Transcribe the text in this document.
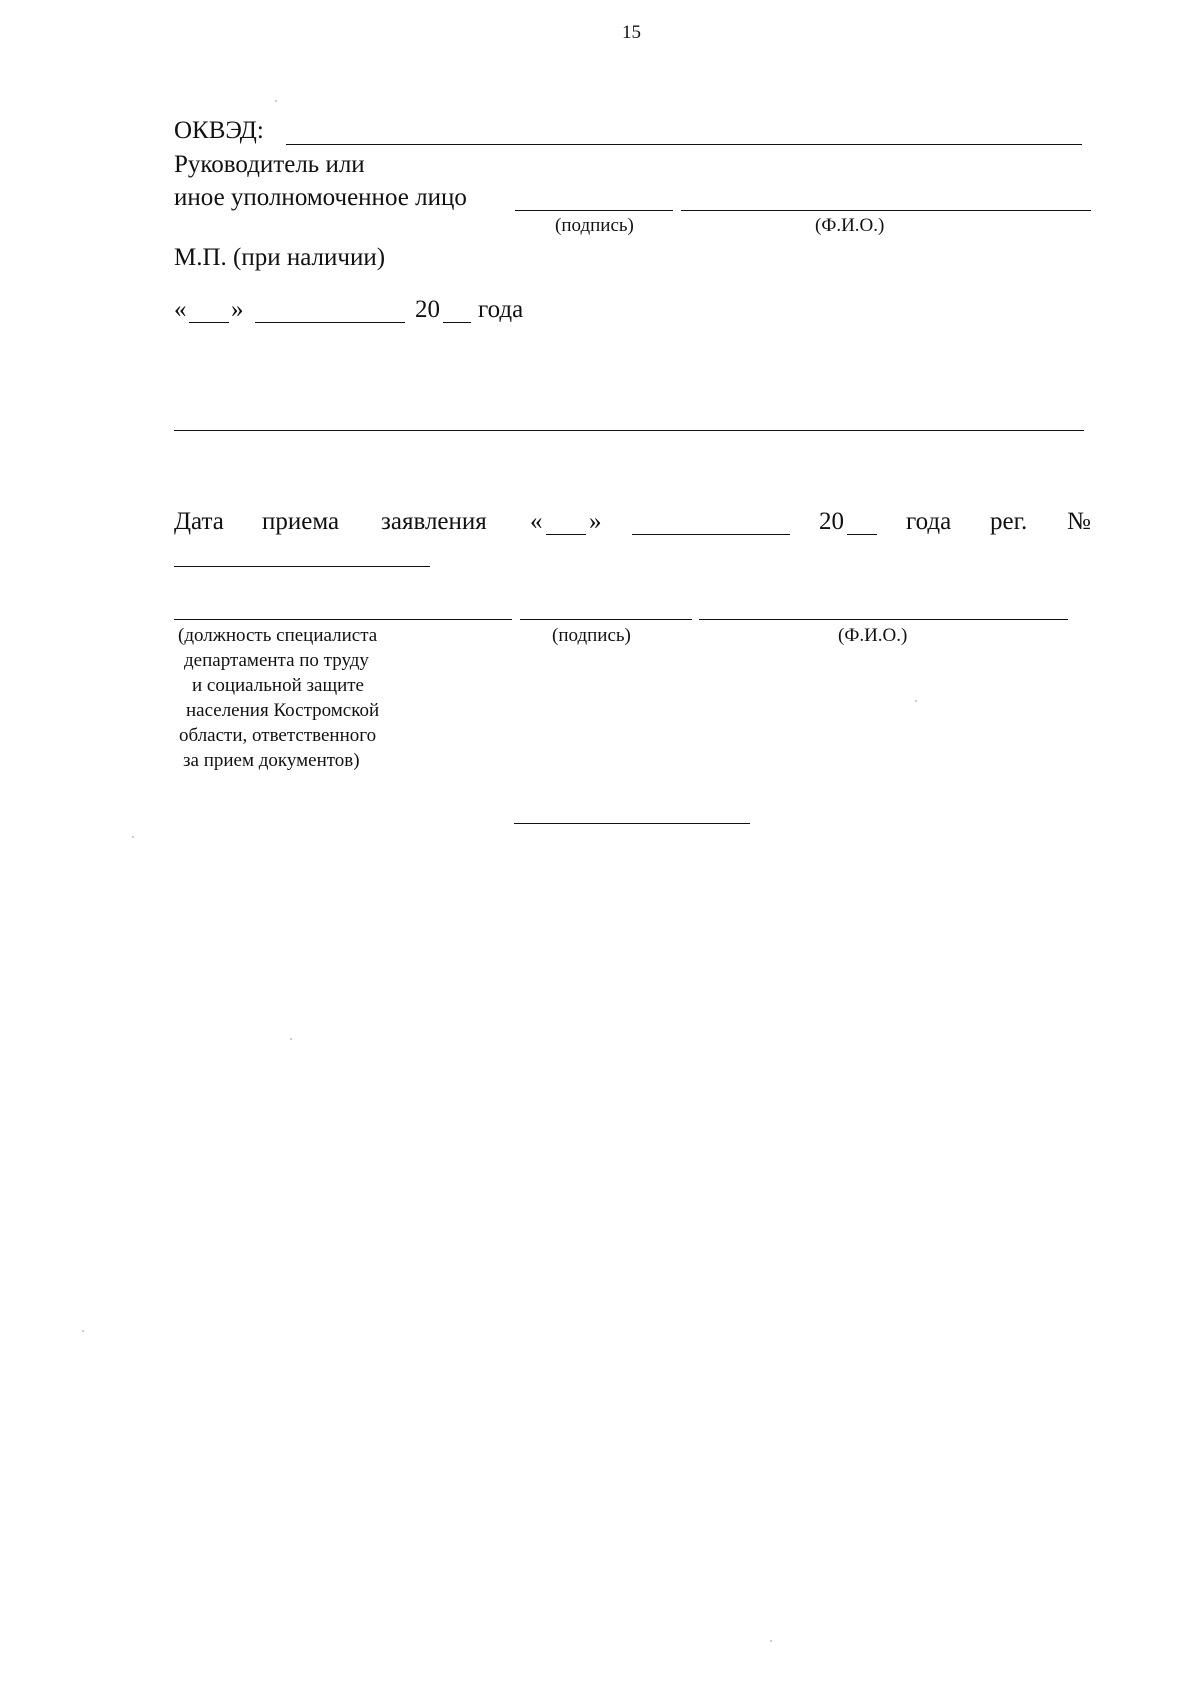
15
ОКВЭД:
Руководитель или
иное уполномоченное лицо
(подпись)	(Ф.И.О.)
М.П. (при наличии)
« »	20 года
Дата приема заявления « »	20 года рег. №
(должность специалиста
департамента по труду
и социальной защите
населения Костромской
области, ответственного
за прием документов)
(подпись)	(Ф.И.О.)
